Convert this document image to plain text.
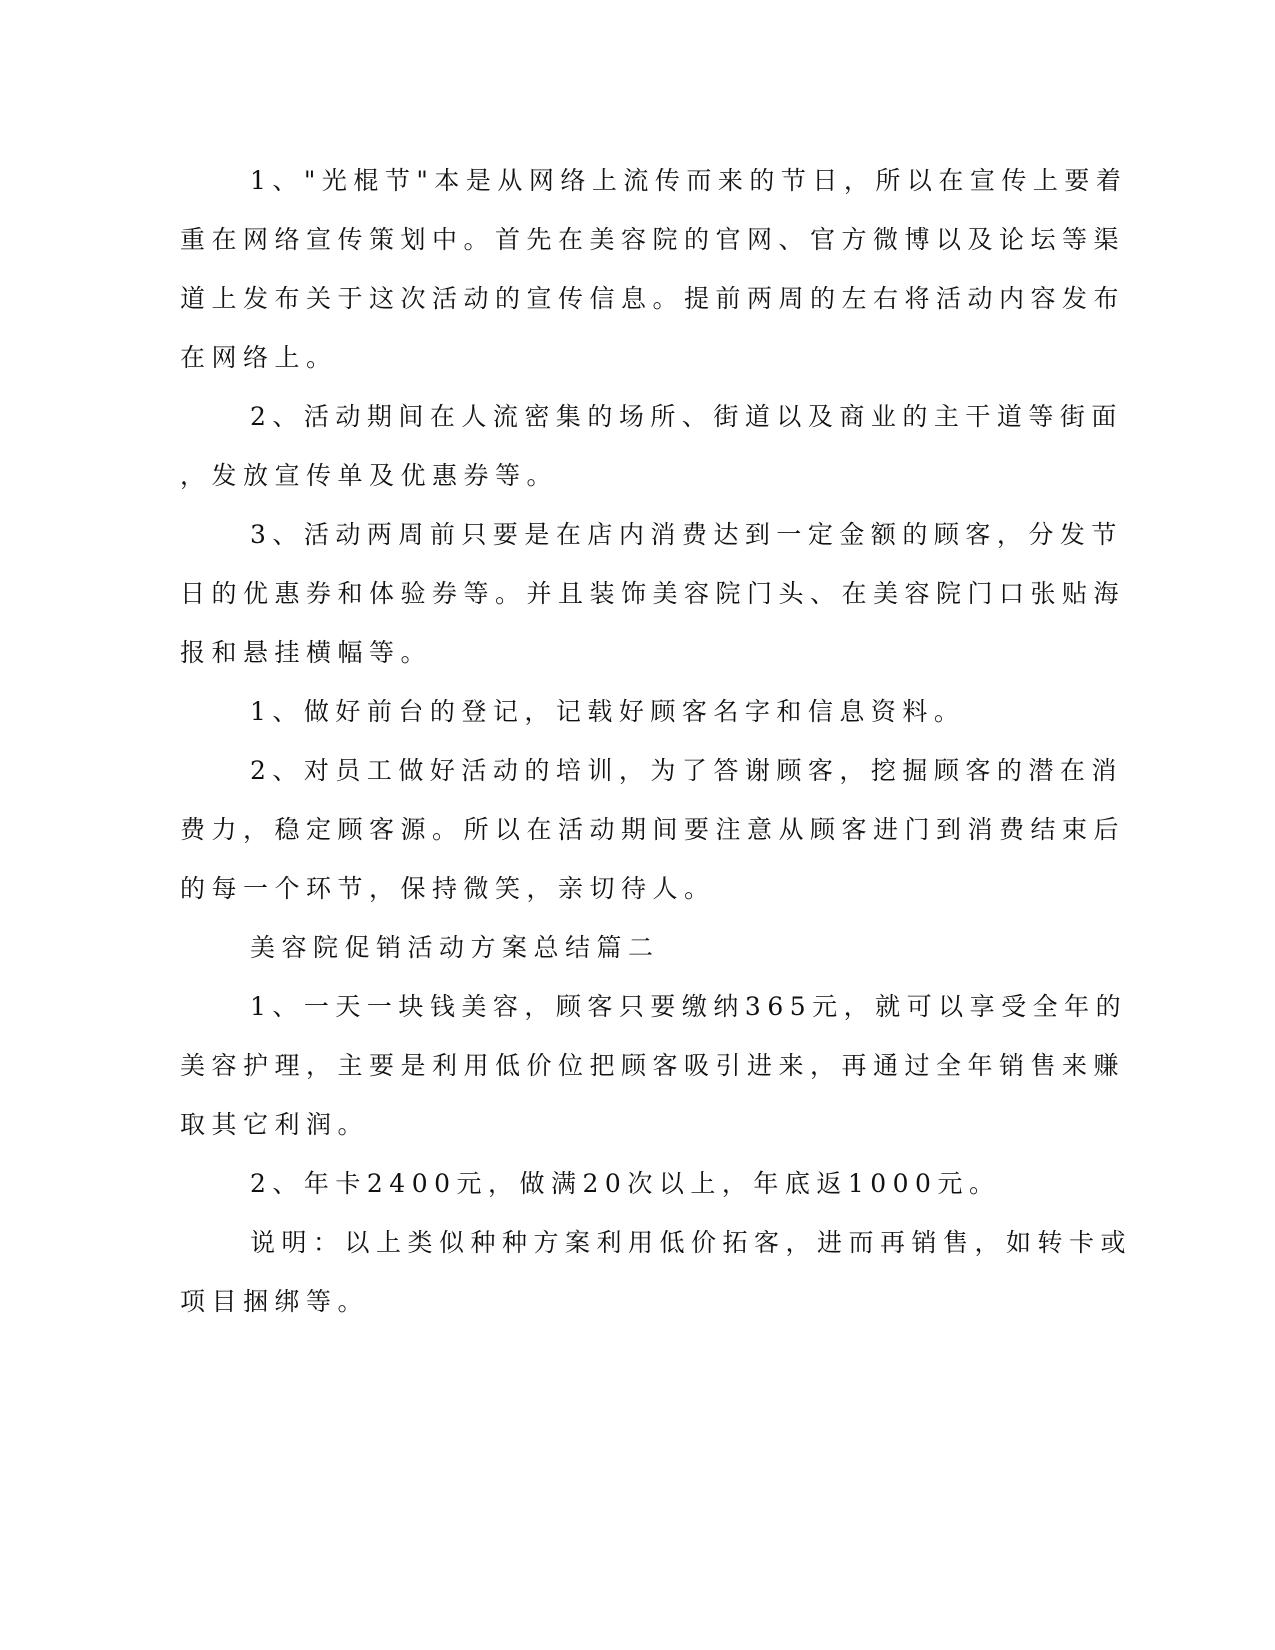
1、"光棍节"本是从网络上流传而来的节日，所以在宣传上要着
重在网络宣传策划中。首先在美容院的官网、官方微博以及论坛等渠
道上发布关于这次活动的宣传信息。提前两周的左右将活动内容发布
在网络上。
2、活动期间在人流密集的场所、街道以及商业的主干道等街面
，发放宣传单及优惠券等。
3、活动两周前只要是在店内消费达到一定金额的顾客，分发节
日的优惠券和体验券等。并且装饰美容院门头、在美容院门口张贴海
报和悬挂横幅等。
1、做好前台的登记，记载好顾客名字和信息资料。
2、对员工做好活动的培训，为了答谢顾客，挖掘顾客的潜在消
费力，稳定顾客源。所以在活动期间要注意从顾客进门到消费结束后
的每一个环节，保持微笑，亲切待人。
美容院促销活动方案总结篇二
1、一天一块钱美容，顾客只要缴纳365元，就可以享受全年的
美容护理，主要是利用低价位把顾客吸引进来，再通过全年销售来赚
取其它利润。
2、年卡2400元，做满20次以上，年底返1000元。
说明：以上类似种种方案利用低价拓客，进而再销售，如转卡或
项目捆绑等。
